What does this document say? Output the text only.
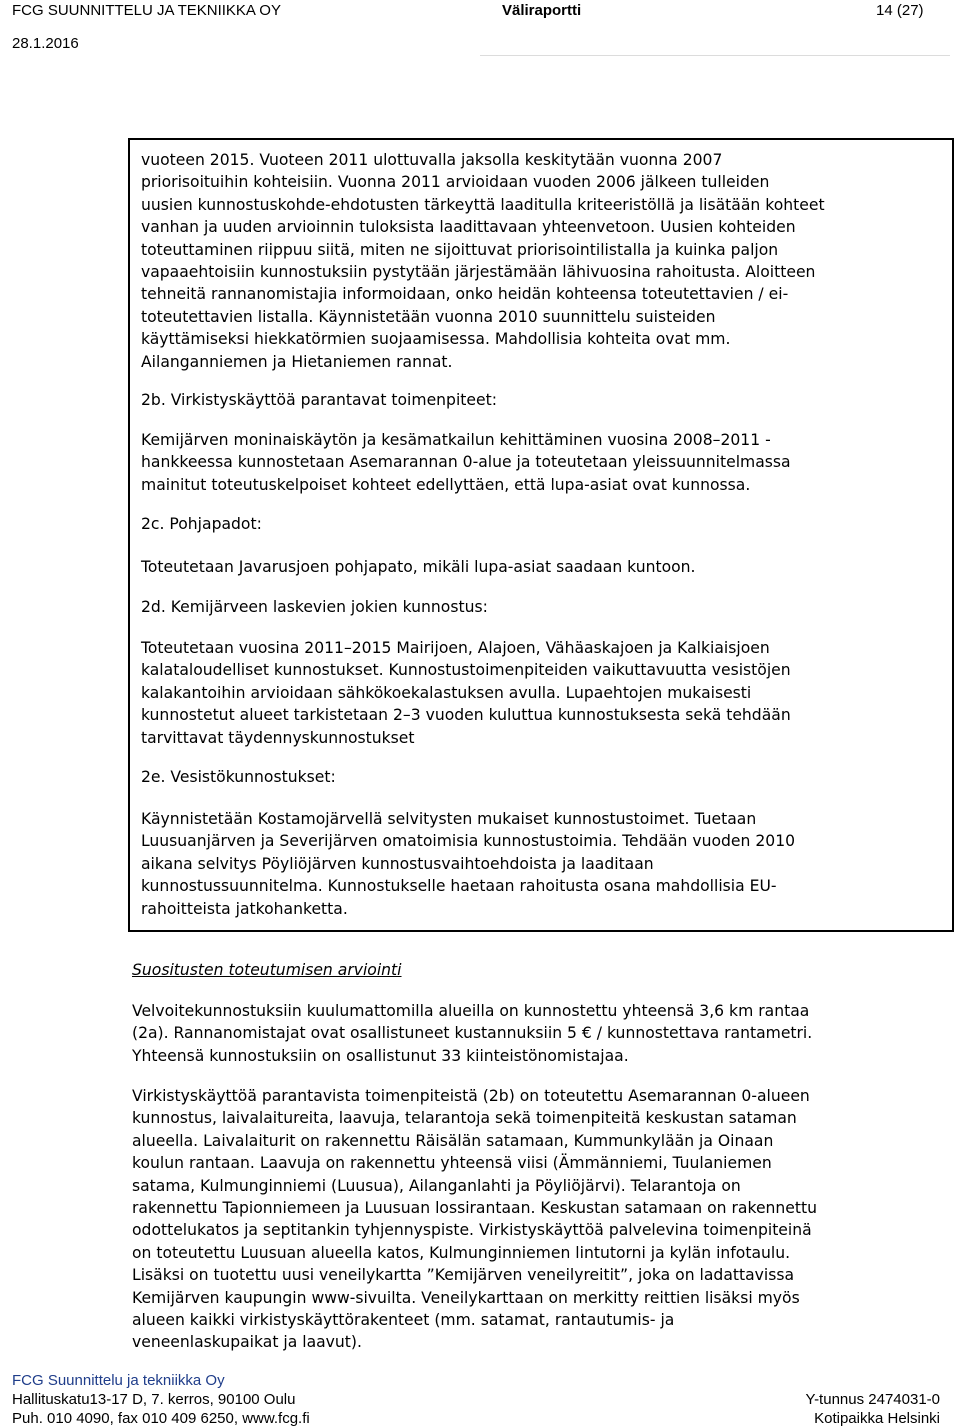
FCG SUUNNITTELU JA TEKNIIKKA OY	Väliraportti	14 (27)
28.1.2016

vuoteen 2015. Vuoteen 2011 ulottuvalla jaksolla keskitytään vuonna 2007
priorisoituihin kohteisiin. Vuonna 2011 arvioidaan vuoden 2006 jälkeen tulleiden
uusien kunnostuskohde-ehdotusten tärkeyttä laaditulla kriteeristöllä ja lisätään kohteet
vanhan ja uuden arvioinnin tuloksista laadittavaan yhteenvetoon. Uusien kohteiden
toteuttaminen riippuu siitä, miten ne sijoittuvat priorisointilistalla ja kuinka paljon
vapaaehtoisiin kunnostuksiin pystytään järjestämään lähivuosina rahoitusta. Aloitteen
tehneitä rannanomistajia informoidaan, onko heidän kohteensa toteutettavien / ei-
toteutettavien listalla. Käynnistetään vuonna 2010 suunnittelu suisteiden
käyttämiseksi hiekkatörmien suojaamisessa. Mahdollisia kohteita ovat mm.
Ailanganniemen ja Hietaniemen rannat.

2b. Virkistyskäyttöä parantavat toimenpiteet:

Kemijärven moninaiskäytön ja kesämatkailun kehittäminen vuosina 2008–2011 -
hankkeessa kunnostetaan Asemarannan 0-alue ja toteutetaan yleissuunnitelmassa
mainitut toteutuskelpoiset kohteet edellyttäen, että lupa-asiat ovat kunnossa.

2c. Pohjapadot:

Toteutetaan Javarusjoen pohjapato, mikäli lupa-asiat saadaan kuntoon.

2d. Kemijärveen laskevien jokien kunnostus:

Toteutetaan vuosina 2011–2015 Mairijoen, Alajoen, Vähäaskajoen ja Kalkiaisjoen
kalataloudelliset kunnostukset. Kunnostustoimenpiteiden vaikuttavuutta vesistöjen
kalakantoihin arvioidaan sähkökoekalastuksen avulla. Lupaehtojen mukaisesti
kunnostetut alueet tarkistetaan 2–3 vuoden kuluttua kunnostuksesta sekä tehdään
tarvittavat täydennyskunnostukset

2e. Vesistökunnostukset:

Käynnistetään Kostamojärvellä selvitysten mukaiset kunnostustoimet. Tuetaan
Luusuanjärven ja Severijärven omatoimisia kunnostustoimia. Tehdään vuoden 2010
aikana selvitys Pöyliöjärven kunnostusvaihtoehdoista ja laaditaan
kunnostussuunnitelma. Kunnostukselle haetaan rahoitusta osana mahdollisia EU-
rahoitteista jatkohanketta.

Suositusten toteutumisen arviointi

Velvoitekunnostuksiin kuulumattomilla alueilla on kunnostettu yhteensä 3,6 km rantaa
(2a). Rannanomistajat ovat osallistuneet kustannuksiin 5 € / kunnostettava rantametri.
Yhteensä kunnostuksiin on osallistunut 33 kiinteistönomistajaa.

Virkistyskäyttöä parantavista toimenpiteistä (2b) on toteutettu Asemarannan 0-alueen
kunnostus, laivalaitureita, laavuja, telarantoja sekä toimenpiteitä keskustan sataman
alueella. Laivalaiturit on rakennettu Räisälän satamaan, Kummunkylään ja Oinaan
koulun rantaan. Laavuja on rakennettu yhteensä viisi (Ämmänniemi, Tuulaniemen
satama, Kulmunginniemi (Luusua), Ailanganlahti ja Pöyliöjärvi). Telarantoja on
rakennettu Tapionniemeen ja Luusuan lossirantaan. Keskustan satamaan on rakennettu
odottelukatos ja septitankin tyhjennyspiste. Virkistyskäyttöä palvelevina toimenpiteinä
on toteutettu Luusuan alueella katos, Kulmunginniemen lintutorni ja kylän infotaulu.
Lisäksi on tuotettu uusi veneilykartta ”Kemijärven veneilyreitit”, joka on ladattavissa
Kemijärven kaupungin www-sivuilta. Veneilykarttaan on merkitty reittien lisäksi myös
alueen kaikki virkistyskäyttörakenteet (mm. satamat, rantautumis- ja
veneenlaskupaikat ja laavut).

FCG Suunnittelu ja tekniikka Oy
Hallituskatu13-17 D, 7. kerros, 90100 Oulu
Puh. 010 4090, fax 010 409 6250, www.fcg.fi
Y-tunnus 2474031-0
Kotipaikka Helsinki
